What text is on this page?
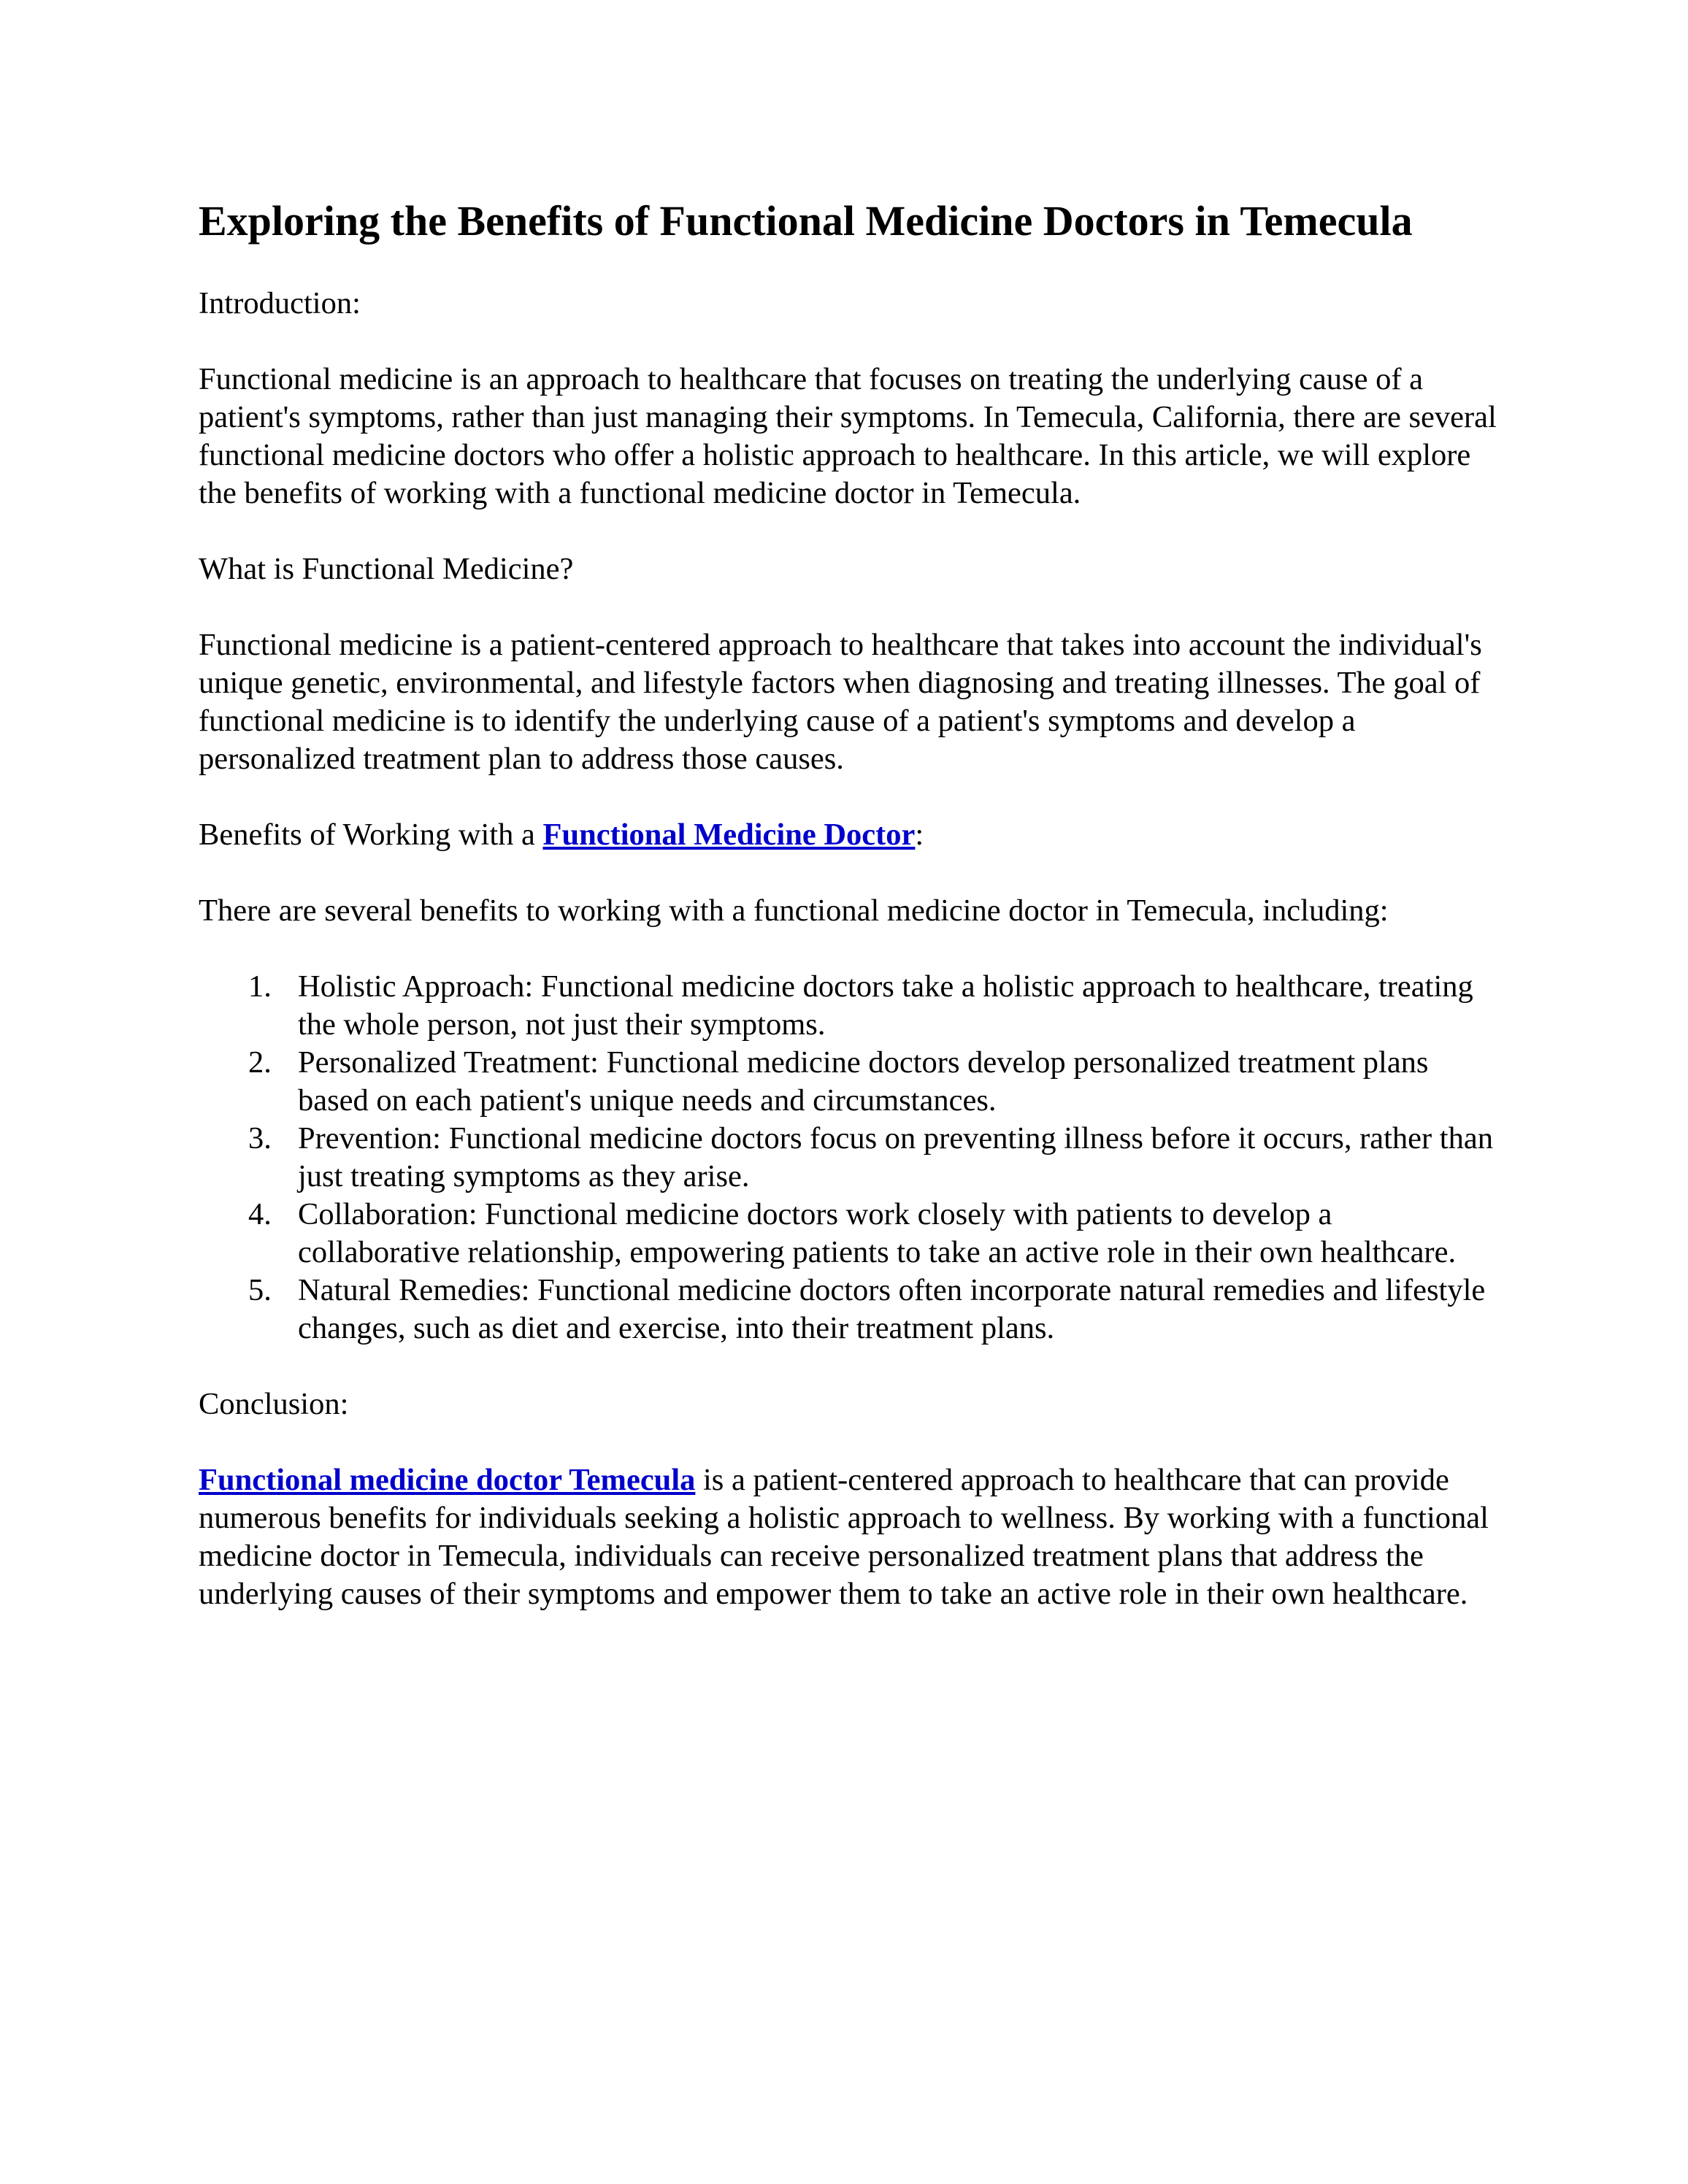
Exploring the Benefits of Functional Medicine Doctors in Temecula

Introduction:

Functional medicine is an approach to healthcare that focuses on treating the underlying cause of a patient's symptoms, rather than just managing their symptoms. In Temecula, California, there are several functional medicine doctors who offer a holistic approach to healthcare. In this article, we will explore the benefits of working with a functional medicine doctor in Temecula.

What is Functional Medicine?

Functional medicine is a patient-centered approach to healthcare that takes into account the individual's unique genetic, environmental, and lifestyle factors when diagnosing and treating illnesses. The goal of functional medicine is to identify the underlying cause of a patient's symptoms and develop a personalized treatment plan to address those causes.

Benefits of Working with a Functional Medicine Doctor:

There are several benefits to working with a functional medicine doctor in Temecula, including:

1. Holistic Approach: Functional medicine doctors take a holistic approach to healthcare, treating the whole person, not just their symptoms.
2. Personalized Treatment: Functional medicine doctors develop personalized treatment plans based on each patient's unique needs and circumstances.
3. Prevention: Functional medicine doctors focus on preventing illness before it occurs, rather than just treating symptoms as they arise.
4. Collaboration: Functional medicine doctors work closely with patients to develop a collaborative relationship, empowering patients to take an active role in their own healthcare.
5. Natural Remedies: Functional medicine doctors often incorporate natural remedies and lifestyle changes, such as diet and exercise, into their treatment plans.

Conclusion:

Functional medicine doctor Temecula is a patient-centered approach to healthcare that can provide numerous benefits for individuals seeking a holistic approach to wellness. By working with a functional medicine doctor in Temecula, individuals can receive personalized treatment plans that address the underlying causes of their symptoms and empower them to take an active role in their own healthcare.
